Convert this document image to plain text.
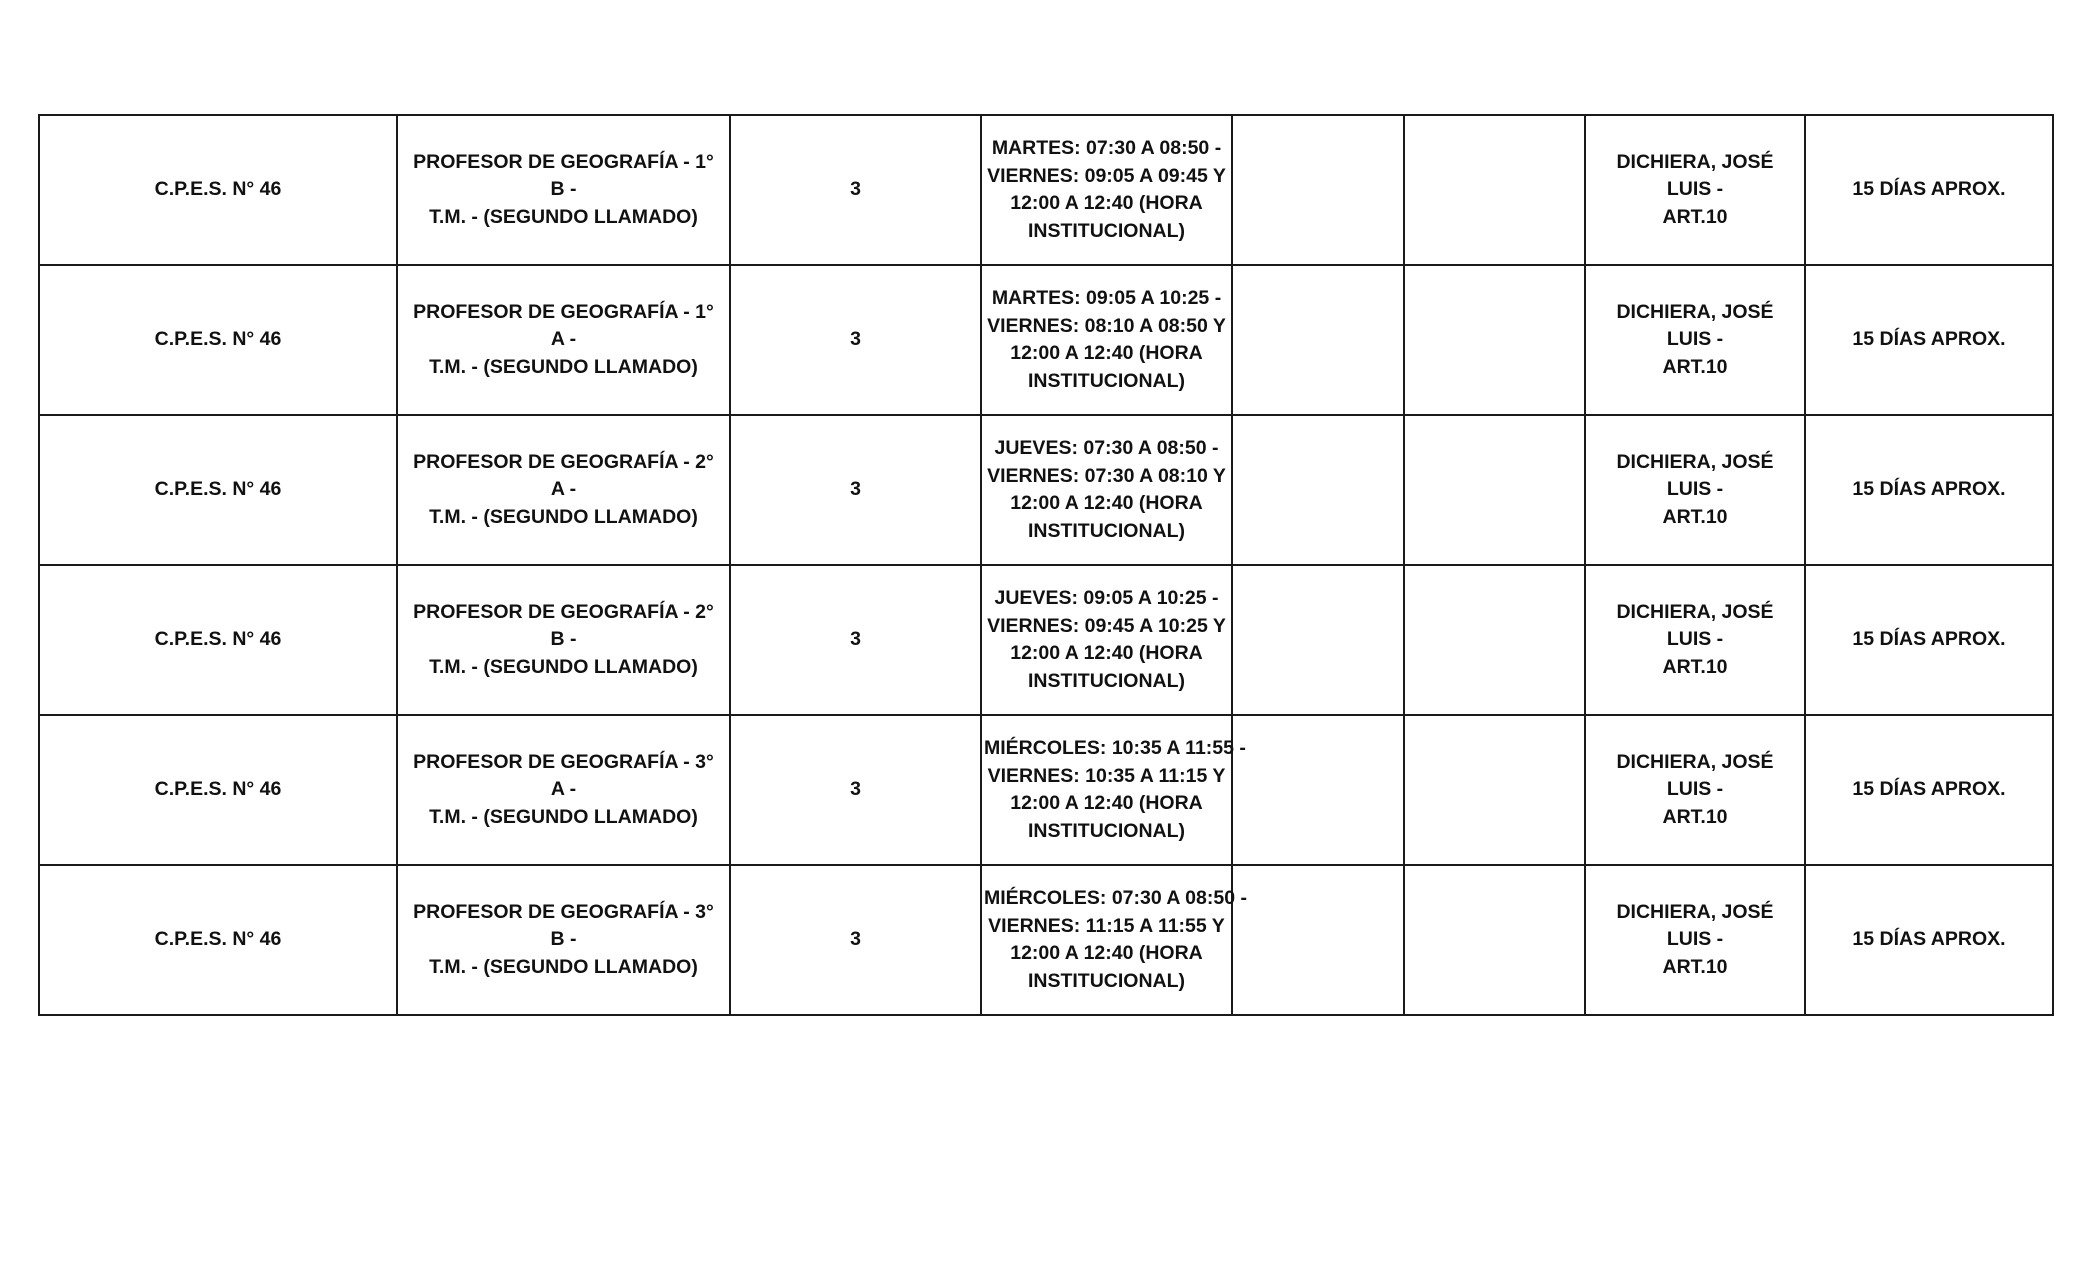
C.P.E.S. N° 46	PROFESOR DE GEOGRAFÍA - 1° B -
T.M. - (SEGUNDO LLAMADO)	3	MARTES: 07:30 A 08:50 -
VIERNES: 09:05 A 09:45 Y
12:00 A 12:40 (HORA
INSTITUCIONAL)			DICHIERA, JOSÉ LUIS -
ART.10	15 DÍAS APROX.
C.P.E.S. N° 46	PROFESOR DE GEOGRAFÍA - 1° A -
T.M. - (SEGUNDO LLAMADO)	3	MARTES: 09:05 A 10:25 -
VIERNES: 08:10 A 08:50 Y
12:00 A 12:40 (HORA
INSTITUCIONAL)			DICHIERA, JOSÉ LUIS -
ART.10	15 DÍAS APROX.
C.P.E.S. N° 46	PROFESOR DE GEOGRAFÍA - 2° A -
T.M. - (SEGUNDO LLAMADO)	3	JUEVES: 07:30 A 08:50 -
VIERNES: 07:30 A 08:10 Y
12:00 A 12:40 (HORA
INSTITUCIONAL)			DICHIERA, JOSÉ LUIS -
ART.10	15 DÍAS APROX.
C.P.E.S. N° 46	PROFESOR DE GEOGRAFÍA - 2° B -
T.M. - (SEGUNDO LLAMADO)	3	JUEVES: 09:05 A 10:25 -
VIERNES: 09:45 A 10:25 Y
12:00 A 12:40 (HORA
INSTITUCIONAL)			DICHIERA, JOSÉ LUIS -
ART.10	15 DÍAS APROX.
C.P.E.S. N° 46	PROFESOR DE GEOGRAFÍA - 3° A -
T.M. - (SEGUNDO LLAMADO)	3	MIÉRCOLES: 10:35 A 11:55 -
VIERNES: 10:35 A 11:15 Y
12:00 A 12:40 (HORA
INSTITUCIONAL)			DICHIERA, JOSÉ LUIS -
ART.10	15 DÍAS APROX.
C.P.E.S. N° 46	PROFESOR DE GEOGRAFÍA - 3° B -
T.M. - (SEGUNDO LLAMADO)	3	MIÉRCOLES: 07:30 A 08:50 -
VIERNES: 11:15 A 11:55 Y
12:00 A 12:40 (HORA
INSTITUCIONAL)			DICHIERA, JOSÉ LUIS -
ART.10	15 DÍAS APROX.
